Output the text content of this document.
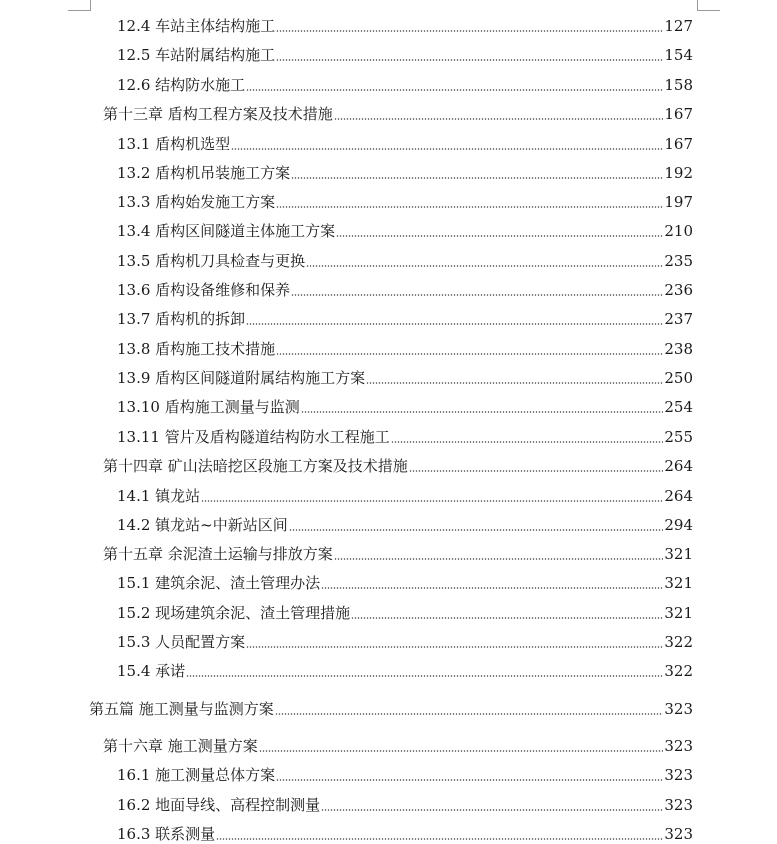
12.4 车站主体结构施工	127
12.5 车站附属结构施工	154
12.6 结构防水施工	158
第十三章 盾构工程方案及技术措施	167
13.1 盾构机选型	167
13.2 盾构机吊装施工方案	192
13.3 盾构始发施工方案	197
13.4 盾构区间隧道主体施工方案	210
13.5 盾构机刀具检查与更换	235
13.6 盾构设备维修和保养	236
13.7 盾构机的拆卸	237
13.8 盾构施工技术措施	238
13.9 盾构区间隧道附属结构施工方案	250
13.10 盾构施工测量与监测	254
13.11 管片及盾构隧道结构防水工程施工	255
第十四章 矿山法暗挖区段施工方案及技术措施	264
14.1 镇龙站	264
14.2 镇龙站~中新站区间	294
第十五章 余泥渣土运输与排放方案	321
15.1 建筑余泥、渣土管理办法	321
15.2 现场建筑余泥、渣土管理措施	321
15.3 人员配置方案	322
15.4 承诺	322
第五篇 施工测量与监测方案	323
第十六章 施工测量方案	323
16.1 施工测量总体方案	323
16.2 地面导线、高程控制测量	323
16.3 联系测量	323
